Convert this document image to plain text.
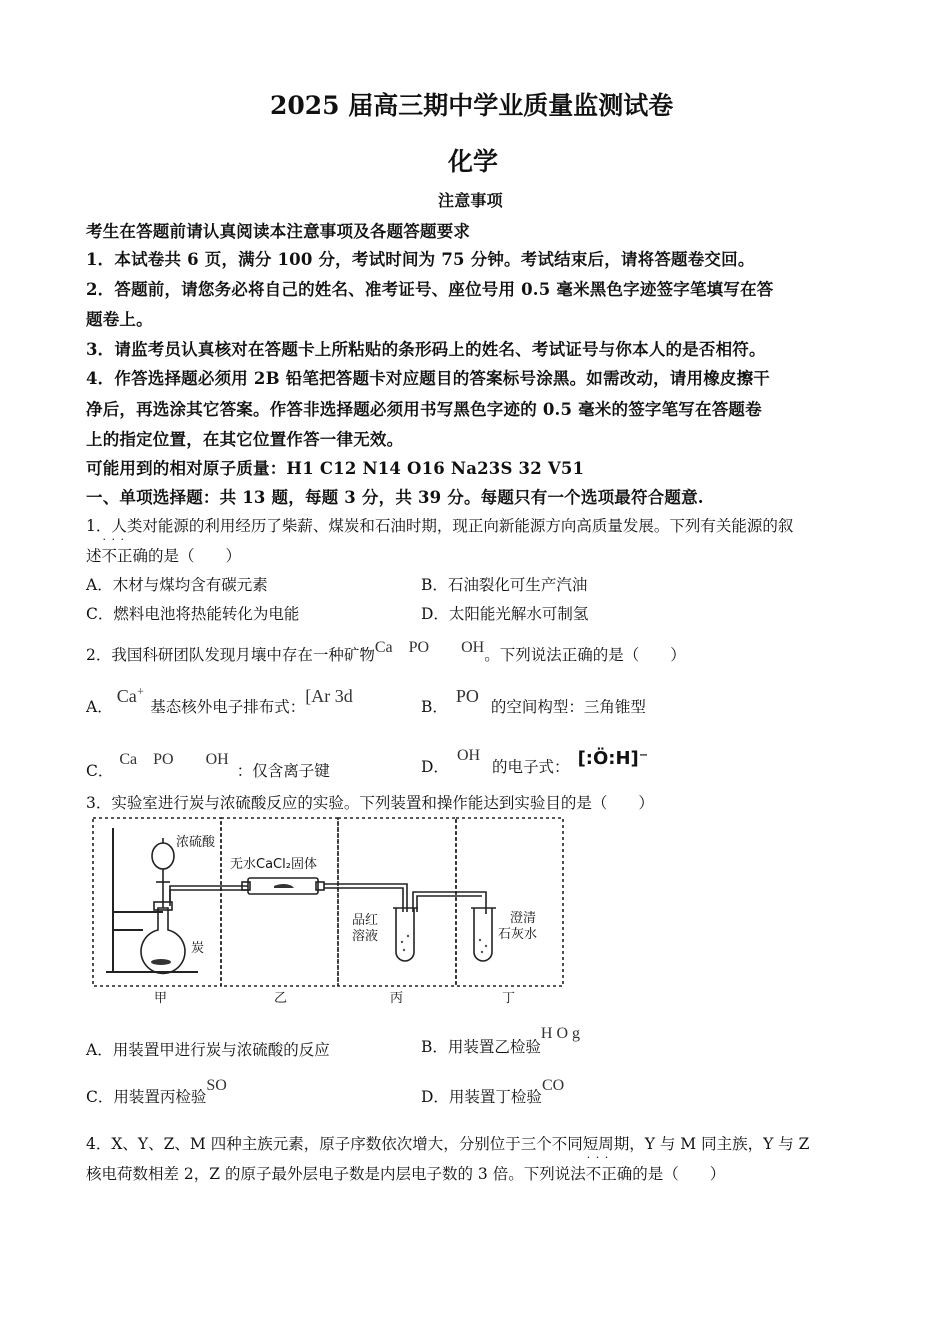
2025 届高三期中学业质量监测试卷
化学
注意事项
考生在答题前请认真阅读本注意事项及各题答题要求
1．本试卷共 6 页，满分 100 分，考试时间为 75 分钟。考试结束后，请将答题卷交回。
2．答题前，请您务必将自己的姓名、准考证号、座位号用 0.5 毫米黑色字迹签字笔填写在答
题卷上。
3．请监考员认真核对在答题卡上所粘贴的条形码上的姓名、考试证号与你本人的是否相符。
4．作答选择题必须用 2B 铅笔把答题卡对应题目的答案标号涂黑。如需改动，请用橡皮擦干
净后，再选涂其它答案。作答非选择题必须用书写黑色字迹的 0.5 毫米的签字笔写在答题卷
上的指定位置，在其它位置作答一律无效。
可能用到的相对原子质量：H1 C12 N14 O16 Na23S 32 V51
一、单项选择题：共 13 题，每题 3 分，共 39 分。每题只有一个选项最符合题意.
1．人类对能源的利用经历了柴薪、煤炭和石油时期，现正向新能源方向高质量发展。下列有关能源的叙
述· · · 不正确的是（　　）
A．木材与煤均含有碳元素	B．石油裂化可生产汽油
C．燃料电池将热能转化为电能	D．太阳能光解水可制氢
2．我国科研团队发现月壤中存在一种矿物Ca　PO　　OH。下列说法正确的是（　　）
A．Ca+基态核外电子排布式：[Ar 3d
B．PO的空间构型：三角锥型
C．Ca　PO　　OH：仅含离子键	D．OH的电子式： [:Ö:H]⁻
3．实验室进行炭与浓硫酸反应的实验。下列装置和操作能达到实验目的是（　　）
浓硫酸
无水CaCl₂固体
炭
品红
溶液
澄清
石灰水
甲	乙	丙	丁
A．用装置甲进行炭与浓硫酸的反应	B．用装置乙检验H O g
C．用装置丙检验SO
D．用装置丁检验CO
4．X、Y、Z、M 四种主族元素，原子序数依次增大，分别位于三个不同短周期，Y 与 M 同主族，Y 与 Z
核电荷数相差 2，Z 的原子最外层电子数是内层电子数的 3 倍。下列说法· · · 不正确的是（　　）
